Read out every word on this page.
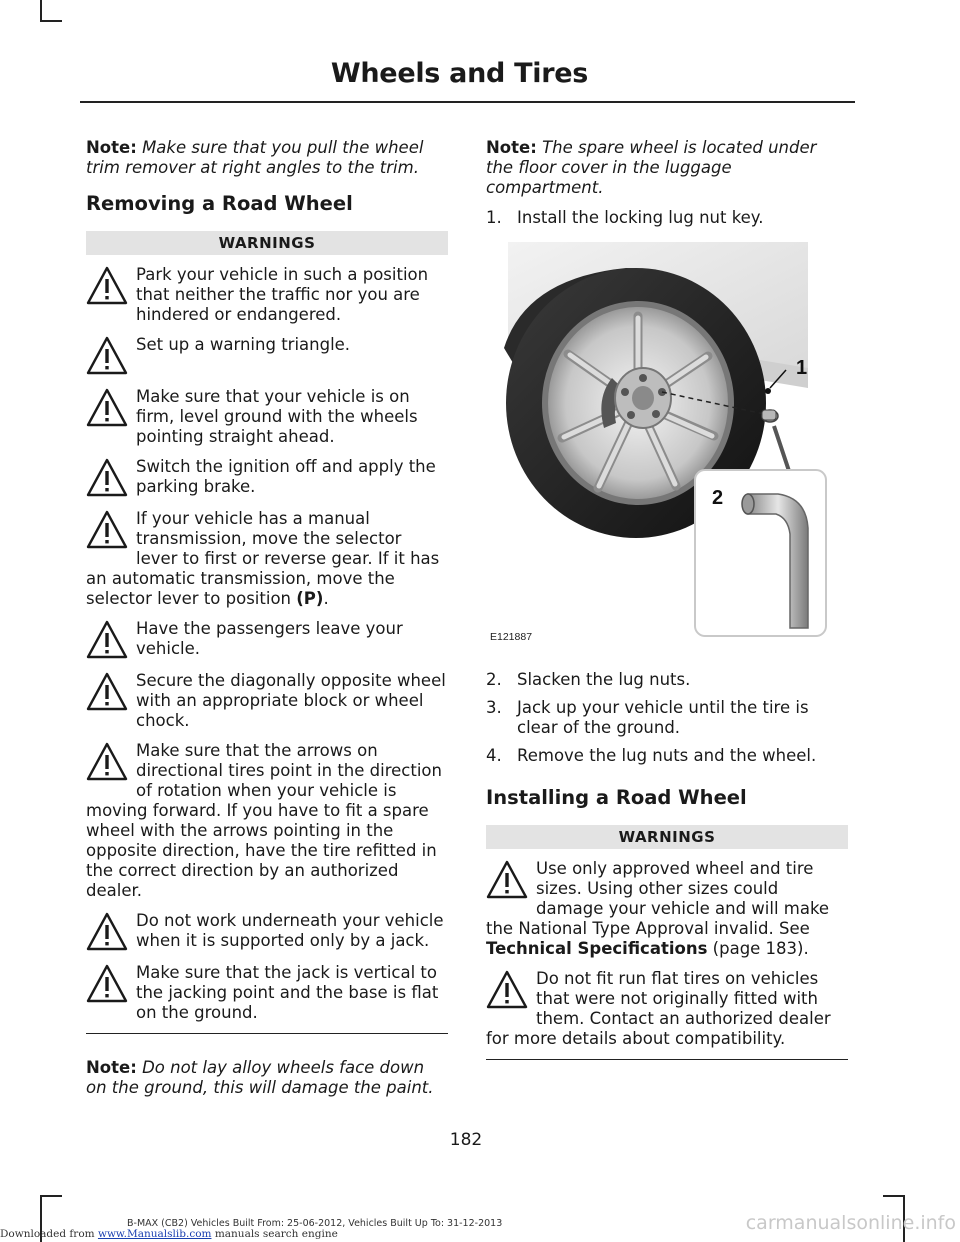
Wheels and Tires

Note: Make sure that you pull the wheel trim remover at right angles to the trim.

Removing a Road Wheel
WARNINGS
Park your vehicle in such a position that neither the traffic nor you are hindered or endangered.
Set up a warning triangle.
Make sure that your vehicle is on firm, level ground with the wheels pointing straight ahead.
Switch the ignition off and apply the parking brake.
If your vehicle has a manual transmission, move the selector lever to first or reverse gear. If it has an automatic transmission, move the selector lever to position (P).
Have the passengers leave your vehicle.
Secure the diagonally opposite wheel with an appropriate block or wheel chock.
Make sure that the arrows on directional tires point in the direction of rotation when your vehicle is moving forward. If you have to fit a spare wheel with the arrows pointing in the opposite direction, have the tire refitted in the correct direction by an authorized dealer.
Do not work underneath your vehicle when it is supported only by a jack.
Make sure that the jack is vertical to the jacking point and the base is flat on the ground.

Note: Do not lay alloy wheels face down on the ground, this will damage the paint.

Note: The spare wheel is located under the floor cover in the luggage compartment.

1. Install the locking lug nut key.
1
2
E121887
2. Slacken the lug nuts.
3. Jack up your vehicle until the tire is clear of the ground.
4. Remove the lug nuts and the wheel.
Installing a Road Wheel
WARNINGS
Use only approved wheel and tire sizes. Using other sizes could damage your vehicle and will make the National Type Approval invalid. See Technical Specifications (page 183).
Do not fit run flat tires on vehicles that were not originally fitted with them. Contact an authorized dealer for more details about compatibility.
182
B-MAX (CB2) Vehicles Built From: 25-06-2012, Vehicles Built Up To: 31-12-2013
Downloaded from www.Manualslib.com manuals search engine	carmanualsonline.info
